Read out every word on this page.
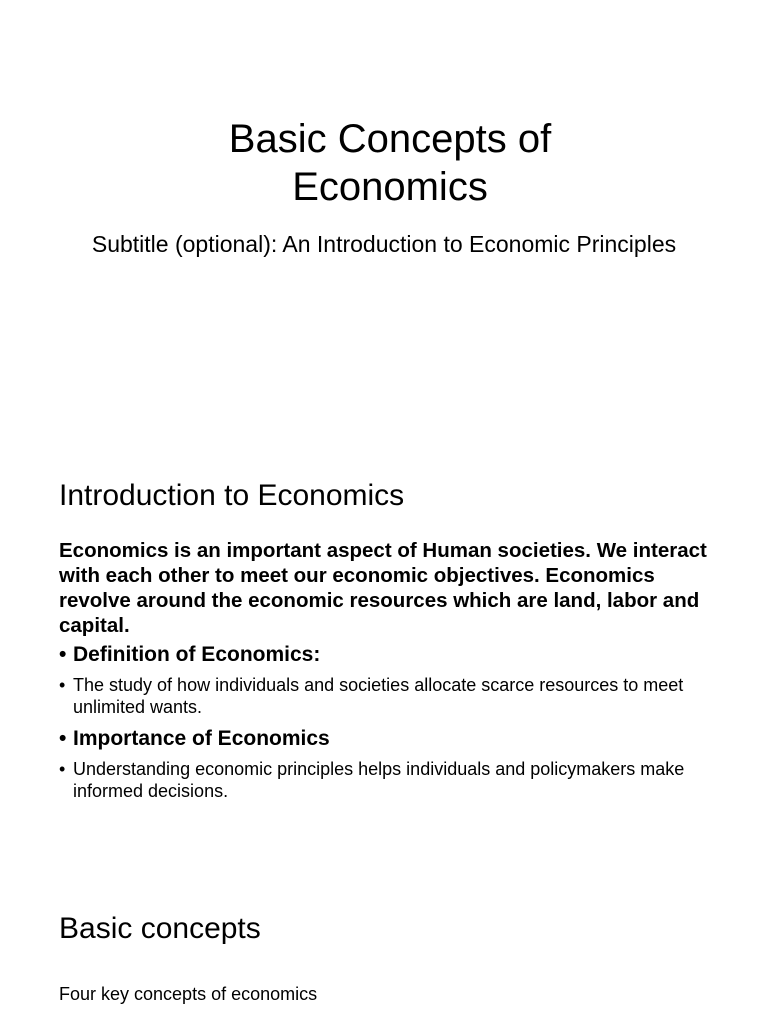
Basic Concepts of Economics
Subtitle (optional): An Introduction to Economic Principles
Introduction to Economics

Economics is an important aspect of Human societies. We interact with each other to meet our economic objectives. Economics revolve around the economic resources which are land, labor and capital.

• Definition of Economics:
• The study of how individuals and societies allocate scarce resources to meet unlimited wants.
• Importance of Economics
• Understanding economic principles helps individuals and policymakers make informed decisions.
Basic concepts
Four key concepts of economics
